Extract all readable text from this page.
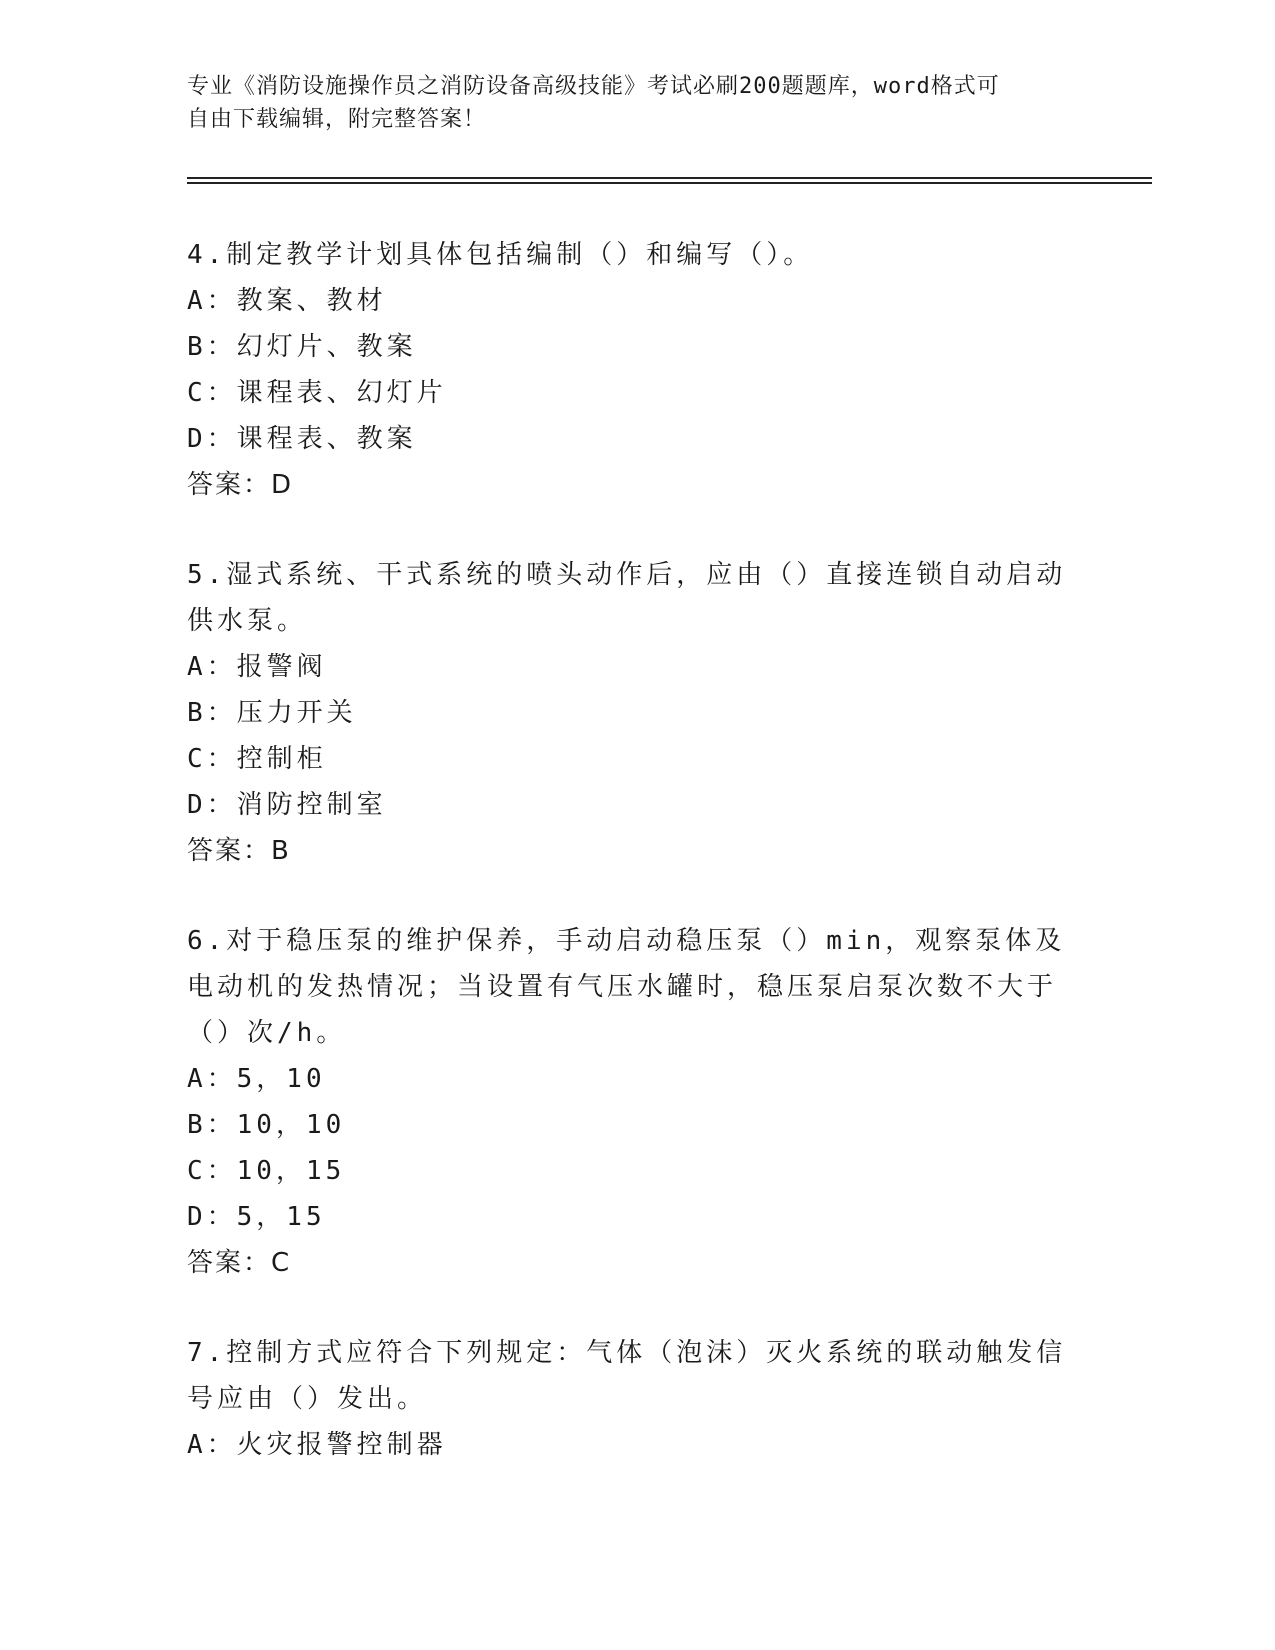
专业《消防设施操作员之消防设备高级技能》考试必刷200题题库，word格式可
自由下载编辑，附完整答案！
4.制定教学计划具体包括编制（）和编写（）。
A：教案、教材
B：幻灯片、教案
C：课程表、幻灯片
D：课程表、教案
答案：D
5.湿式系统、干式系统的喷头动作后，应由（）直接连锁自动启动供水泵。
A：报警阀
B：压力开关
C：控制柜
D：消防控制室
答案：B
6.对于稳压泵的维护保养，手动启动稳压泵（）min，观察泵体及电动机的发热情况；当设置有气压水罐时，稳压泵启泵次数不大于（）次/h。
A：5，10
B：10，10
C：10，15
D：5，15
答案：C
7.控制方式应符合下列规定：气体（泡沫）灭火系统的联动触发信号应由（）发出。
A：火灾报警控制器
